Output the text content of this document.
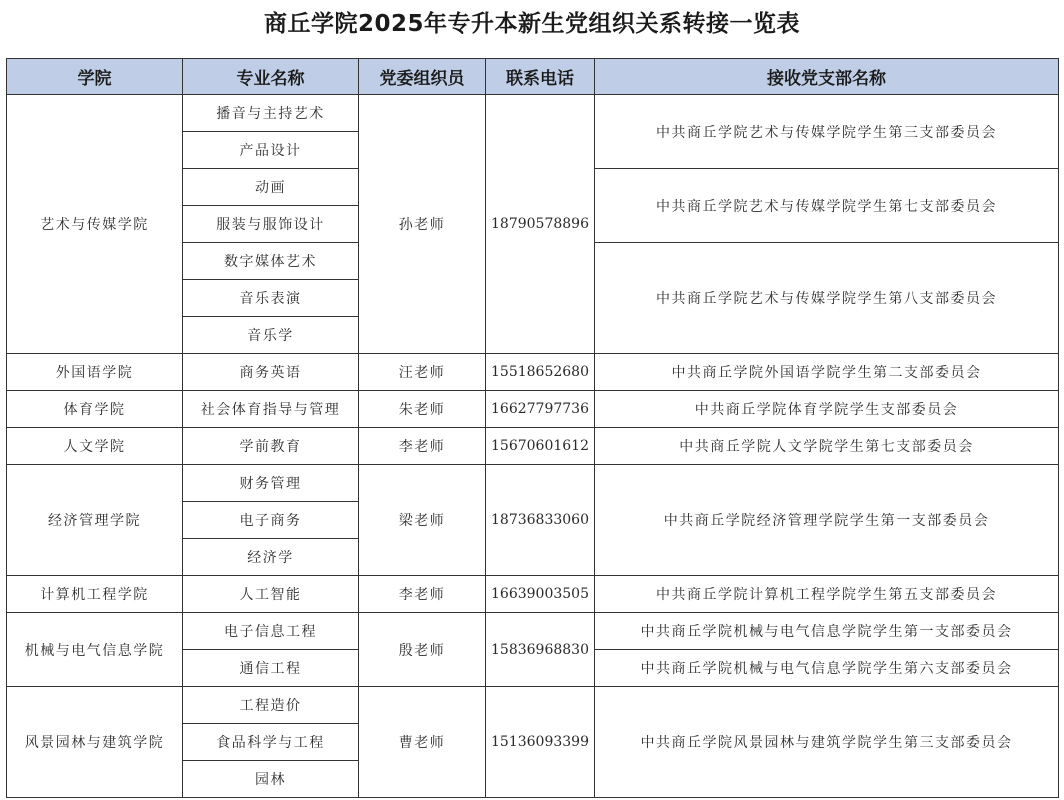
商丘学院2025年专升本新生党组织关系转接一览表
学院	专业名称	党委组织员	联系电话	接收党支部名称
艺术与传媒学院	播音与主持艺术	孙老师	18790578896	中共商丘学院艺术与传媒学院学生第三支部委员会
	产品设计			
	动画			中共商丘学院艺术与传媒学院学生第七支部委员会
	服装与服饰设计			
	数字媒体艺术			中共商丘学院艺术与传媒学院学生第八支部委员会
	音乐表演			
	音乐学			
外国语学院	商务英语	汪老师	15518652680	中共商丘学院外国语学院学生第二支部委员会
体育学院	社会体育指导与管理	朱老师	16627797736	中共商丘学院体育学院学生支部委员会
人文学院	学前教育	李老师	15670601612	中共商丘学院人文学院学生第七支部委员会
经济管理学院	财务管理	梁老师	18736833060	中共商丘学院经济管理学院学生第一支部委员会
	电子商务			
	经济学			
计算机工程学院	人工智能	李老师	16639003505	中共商丘学院计算机工程学院学生第五支部委员会
机械与电气信息学院	电子信息工程	殷老师	15836968830	中共商丘学院机械与电气信息学院学生第一支部委员会
	通信工程			中共商丘学院机械与电气信息学院学生第六支部委员会
风景园林与建筑学院	工程造价	曹老师	15136093399	中共商丘学院风景园林与建筑学院学生第三支部委员会
	食品科学与工程			
	园林			
